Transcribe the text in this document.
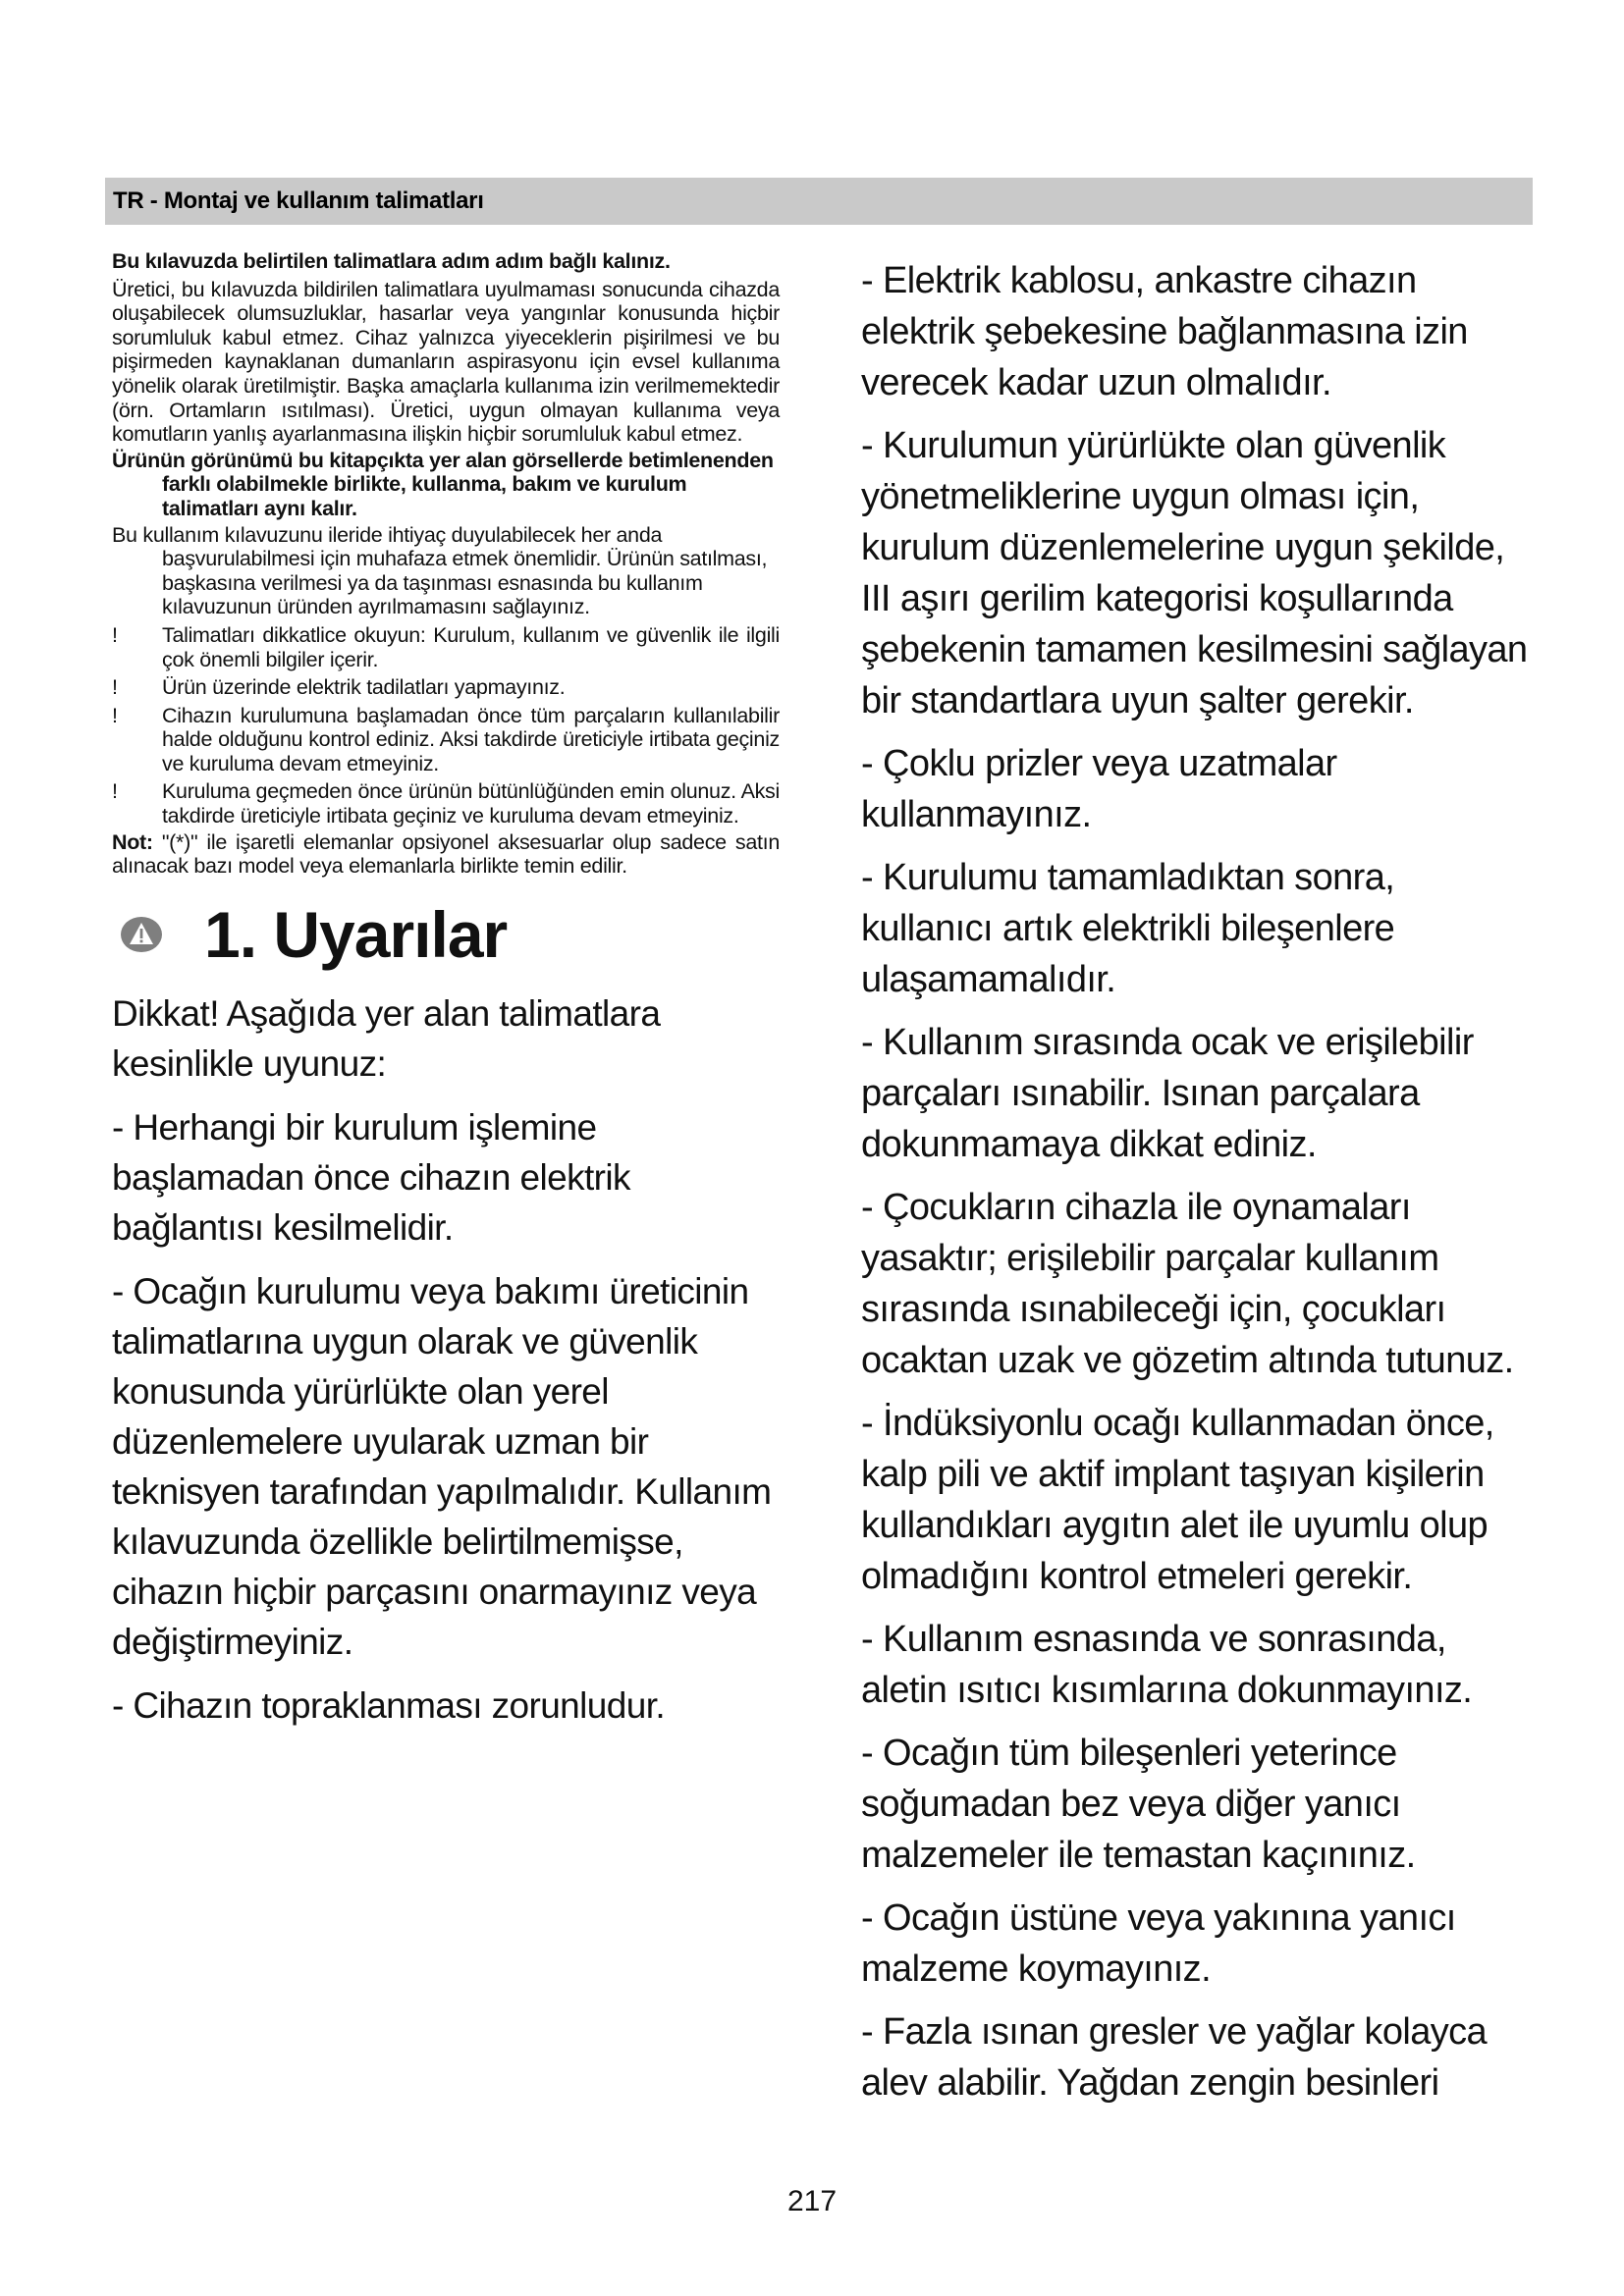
TR - Montaj ve kullanım talimatları

Bu kılavuzda belirtilen talimatlara adım adım bağlı kalınız.

Üretici, bu kılavuzda bildirilen talimatlara uyulmaması sonucunda cihazda oluşabilecek olumsuzluklar, hasarlar veya yangınlar konusunda hiçbir sorumluluk kabul etmez. Cihaz yalnızca yiyeceklerin pişirilmesi ve bu pişirmeden kaynaklanan dumanların aspirasyonu için evsel kullanıma yönelik olarak üretilmiştir. Başka amaçlarla kullanıma izin verilmemektedir (örn. Ortamların ısıtılması). Üretici, uygun olmayan kullanıma veya komutların yanlış ayarlanmasına ilişkin hiçbir sorumluluk kabul etmez.

Ürünün görünümü bu kitapçıkta yer alan görsellerde betimlenenden farklı olabilmekle birlikte, kullanma, bakım ve kurulum talimatları aynı kalır.

Bu kullanım kılavuzunu ileride ihtiyaç duyulabilecek her anda başvurulabilmesi için muhafaza etmek önemlidir. Ürünün satılması, başkasına verilmesi ya da taşınması esnasında bu kullanım kılavuzunun üründen ayrılmamasını sağlayınız.

!	Talimatları dikkatlice okuyun: Kurulum, kullanım ve güvenlik ile ilgili çok önemli bilgiler içerir.
!	Ürün üzerinde elektrik tadilatları yapmayınız.
!	Cihazın kurulumuna başlamadan önce tüm parçaların kullanılabilir halde olduğunu kontrol ediniz. Aksi takdirde üreticiyle irtibata geçiniz ve kuruluma devam etmeyiniz.
!	Kuruluma geçmeden önce ürünün bütünlüğünden emin olunuz. Aksi takdirde üreticiyle irtibata geçiniz ve kuruluma devam etmeyiniz.

Not: "(*)" ile işaretli elemanlar opsiyonel aksesuarlar olup sadece satın alınacak bazı model veya elemanlarla birlikte temin edilir.

1. Uyarılar

Dikkat! Aşağıda yer alan talimatlara kesinlikle uyunuz:

- Herhangi bir kurulum işlemine başlamadan önce cihazın elektrik bağlantısı kesilmelidir.

- Ocağın kurulumu veya bakımı üreticinin talimatlarına uygun olarak ve güvenlik konusunda yürürlükte olan yerel düzenlemelere uyularak uzman bir teknisyen tarafından yapılmalıdır. Kullanım kılavuzunda özellikle belirtilmemişse, cihazın hiçbir parçasını onarmayınız veya değiştirmeyiniz.

- Cihazın topraklanması zorunludur.

- Elektrik kablosu, ankastre cihazın elektrik şebekesine bağlanmasına izin verecek kadar uzun olmalıdır.

- Kurulumun yürürlükte olan güvenlik yönetmeliklerine uygun olması için, kurulum düzenlemelerine uygun şekilde, III aşırı gerilim kategorisi koşullarında şebekenin tamamen kesilmesini sağlayan bir standartlara uyun şalter gerekir.

- Çoklu prizler veya uzatmalar kullanmayınız.

- Kurulumu tamamladıktan sonra, kullanıcı artık elektrikli bileşenlere ulaşamamalıdır.

- Kullanım sırasında ocak ve erişilebilir parçaları ısınabilir. Isınan parçalara dokunmamaya dikkat ediniz.

- Çocukların cihazla ile oynamaları yasaktır; erişilebilir parçalar kullanım sırasında ısınabileceği için, çocukları ocaktan uzak ve gözetim altında tutunuz.

- İndüksiyonlu ocağı kullanmadan önce, kalp pili ve aktif implant taşıyan kişilerin kullandıkları aygıtın alet ile uyumlu olup olmadığını kontrol etmeleri gerekir.

- Kullanım esnasında ve sonrasında, aletin ısıtıcı kısımlarına dokunmayınız.

- Ocağın tüm bileşenleri yeterince soğumadan bez veya diğer yanıcı malzemeler ile temastan kaçınınız.

- Ocağın üstüne veya yakınına yanıcı malzeme koymayınız.

- Fazla ısınan gresler ve yağlar kolayca alev alabilir. Yağdan zengin besinleri

217
